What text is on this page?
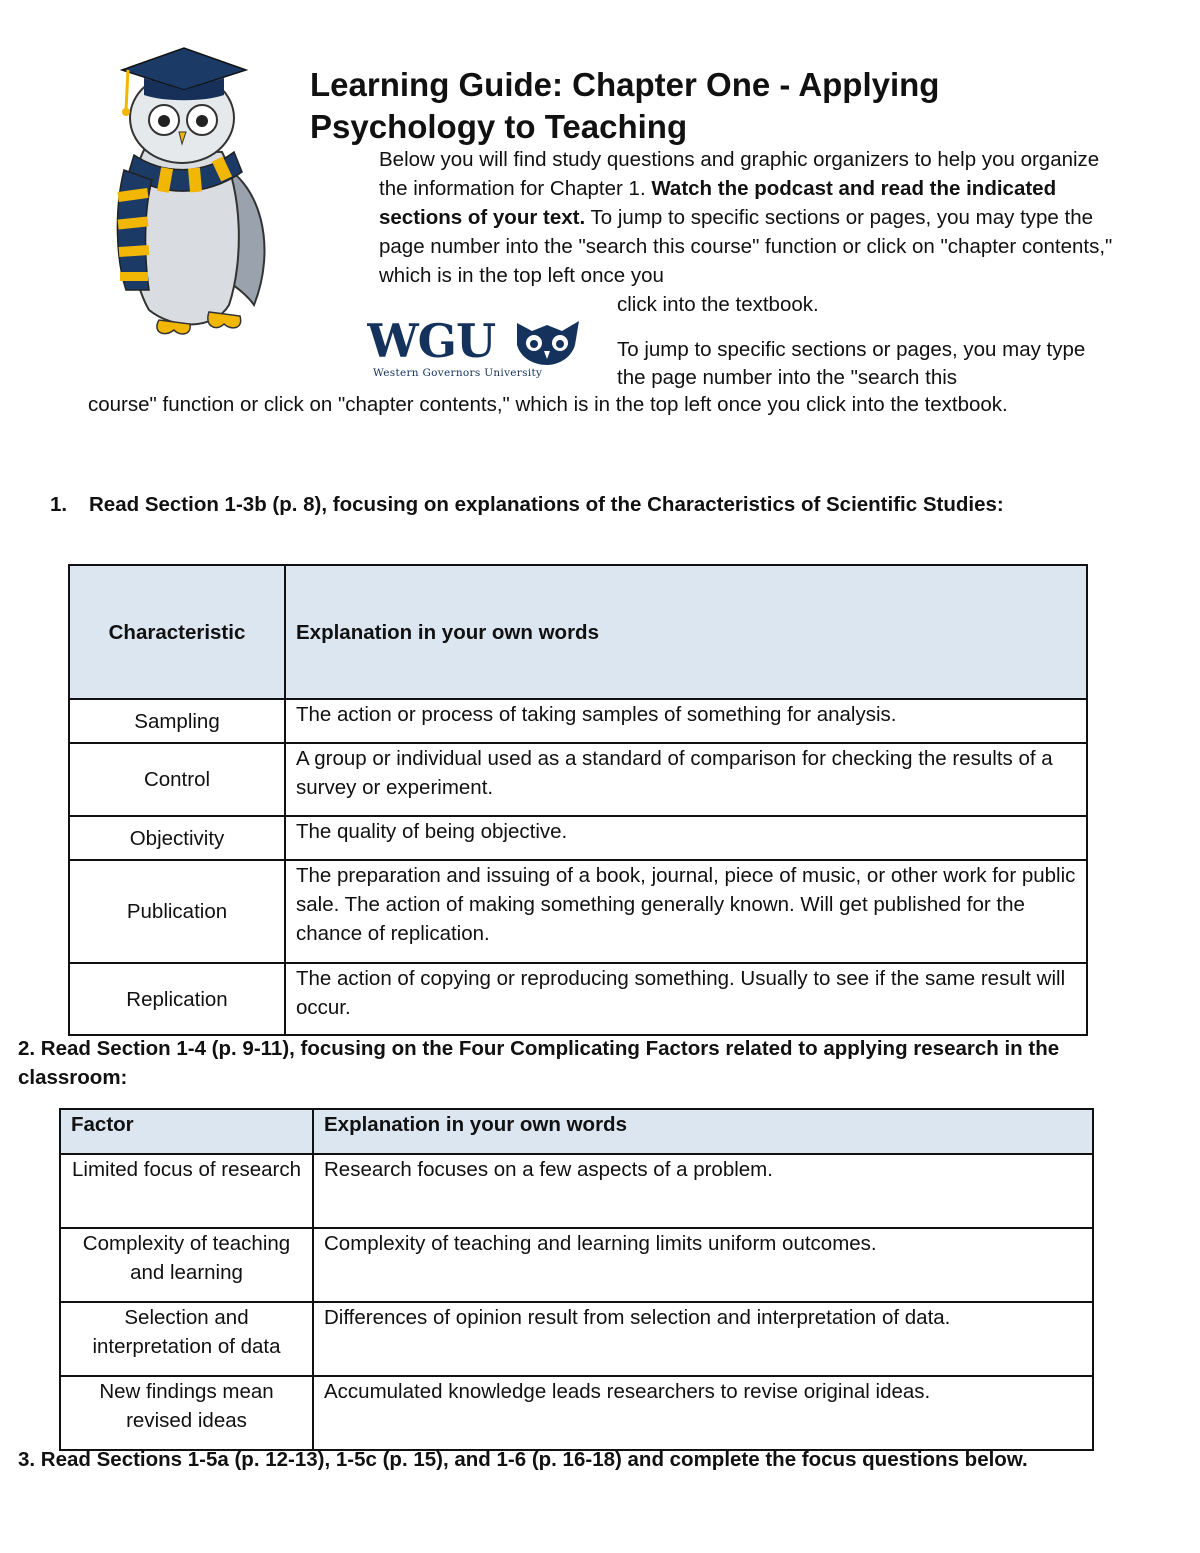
Learning Guide: Chapter One - Applying Psychology to Teaching

Below you will find study questions and graphic organizers to help you organize the information for Chapter 1. Watch the podcast and read the indicated sections of your text. To jump to specific sections or pages, you may type the page number into the "search this course" function or click on "chapter contents," which is in the top left once you

click into the textbook.

WGU
Western Governors University

To jump to specific sections or pages, you may type the page number into the "search this

course" function or click on "chapter contents," which is in the top left once you click into the textbook.

1. Read Section 1-3b (p. 8), focusing on explanations of the Characteristics of Scientific Studies:

Characteristic	Explanation in your own words
Sampling	The action or process of taking samples of something for analysis.
Control	A group or individual used as a standard of comparison for checking the results of a survey or experiment.
Objectivity	The quality of being objective.
Publication	The preparation and issuing of a book, journal, piece of music, or other work for public sale. The action of making something generally known. Will get published for the chance of replication.
Replication	The action of copying or reproducing something. Usually to see if the same result will occur.

2. Read Section 1-4 (p. 9-11), focusing on the Four Complicating Factors related to applying research in the classroom:

Factor	Explanation in your own words
Limited focus of research	Research focuses on a few aspects of a problem.
Complexity of teaching and learning	Complexity of teaching and learning limits uniform outcomes.
Selection and interpretation of data	Differences of opinion result from selection and interpretation of data.
New findings mean revised ideas	Accumulated knowledge leads researchers to revise original ideas.

3. Read Sections 1-5a (p. 12-13), 1-5c (p. 15), and 1-6 (p. 16-18) and complete the focus questions below.
